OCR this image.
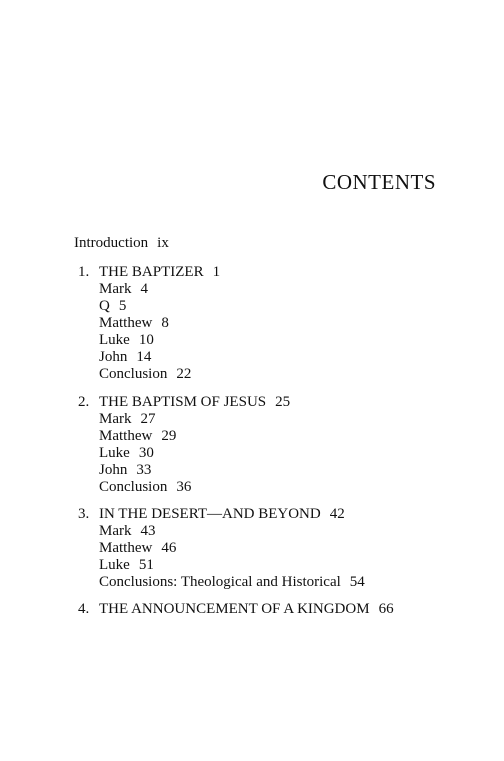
CONTENTS
Introduction ix
1. THE BAPTIZER 1
Mark 4
Q 5
Matthew 8
Luke 10
John 14
Conclusion 22
2. THE BAPTISM OF JESUS 25
Mark 27
Matthew 29
Luke 30
John 33
Conclusion 36
3. IN THE DESERT—AND BEYOND 42
Mark 43
Matthew 46
Luke 51
Conclusions: Theological and Historical 54
4. THE ANNOUNCEMENT OF A KINGDOM 66
